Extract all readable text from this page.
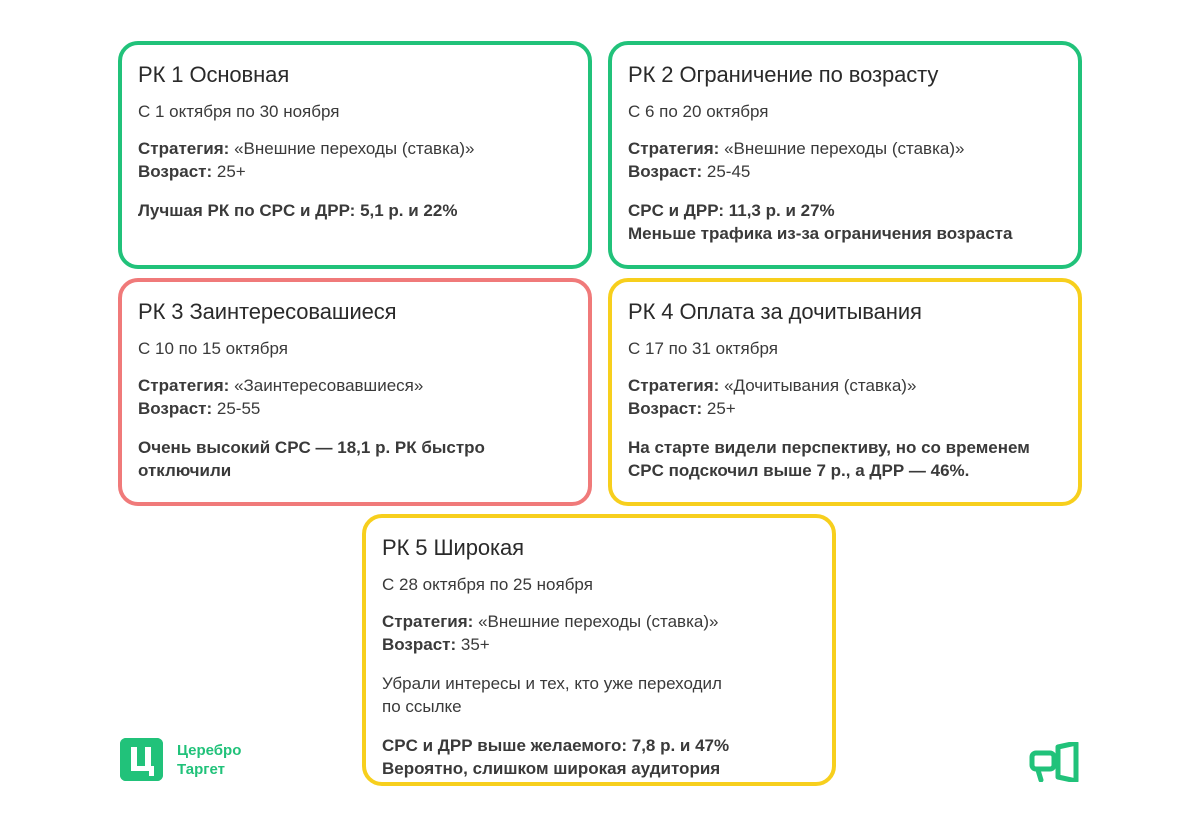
РК 1 Основная
С 1 октября по 30 ноября
Стратегия: «Внешние переходы (ставка)»
Возраст: 25+
Лучшая РК по CPC и ДРР: 5,1 р. и 22%
РК 2 Ограничение по возрасту
С 6 по 20 октября
Стратегия: «Внешние переходы (ставка)»
Возраст: 25-45
CPC и ДРР: 11,3 р. и 27%
Меньше трафика из-за ограничения возраста
РК 3 Заинтересовашиеся
С 10 по 15 октября
Стратегия: «Заинтересовавшиеся»
Возраст: 25-55
Очень высокий CPC — 18,1 р. РК быстро
отключили
РК 4 Оплата за дочитывания
С 17 по 31 октября
Стратегия: «Дочитывания (ставка)»
Возраст: 25+
На старте видели перспективу, но со временем
CPC подскочил выше 7 р., а ДРР — 46%.
РК 5 Широкая
С 28 октября по 25 ноября
Стратегия: «Внешние переходы (ставка)»
Возраст: 35+
Убрали интересы и тех, кто уже переходил
по ссылке
CPC и ДРР выше желаемого: 7,8 р. и 47%
Вероятно, слишком широкая аудитория
Церебро
Таргет
